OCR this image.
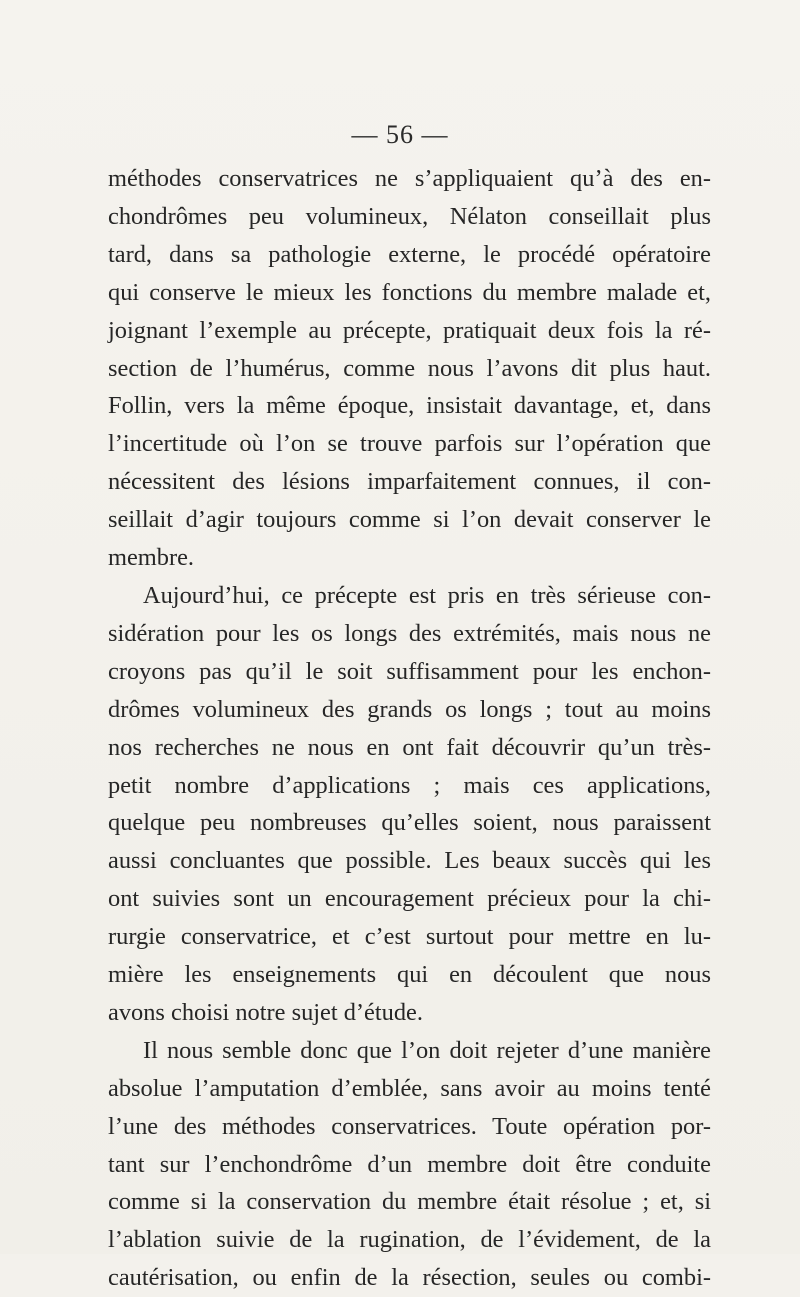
— 56 —
méthodes conservatrices ne s’appliquaient qu’à des en-
chondrômes peu volumineux, Nélaton conseillait plus
tard, dans sa pathologie externe, le procédé opératoire
qui conserve le mieux les fonctions du membre malade et,
joignant l’exemple au précepte, pratiquait deux fois la ré-
section de l’humérus, comme nous l’avons dit plus haut.
Follin, vers la même époque, insistait davantage, et, dans
l’incertitude où l’on se trouve parfois sur l’opération que
nécessitent des lésions imparfaitement connues, il con-
seillait d’agir toujours comme si l’on devait conserver le
membre.
Aujourd’hui, ce précepte est pris en très sérieuse con-
sidération pour les os longs des extrémités, mais nous ne
croyons pas qu’il le soit suffisamment pour les enchon-
drômes volumineux des grands os longs ; tout au moins
nos recherches ne nous en ont fait découvrir qu’un très-
petit nombre d’applications ; mais ces applications,
quelque peu nombreuses qu’elles soient, nous paraissent
aussi concluantes que possible. Les beaux succès qui les
ont suivies sont un encouragement précieux pour la chi-
rurgie conservatrice, et c’est surtout pour mettre en lu-
mière les enseignements qui en découlent que nous
avons choisi notre sujet d’étude.
Il nous semble donc que l’on doit rejeter d’une manière
absolue l’amputation d’emblée, sans avoir au moins tenté
l’une des méthodes conservatrices. Toute opération por-
tant sur l’enchondrôme d’un membre doit être conduite
comme si la conservation du membre était résolue ; et, si
l’ablation suivie de la rugination, de l’évidement, de la
cautérisation, ou enfin de la résection, seules ou combi-
